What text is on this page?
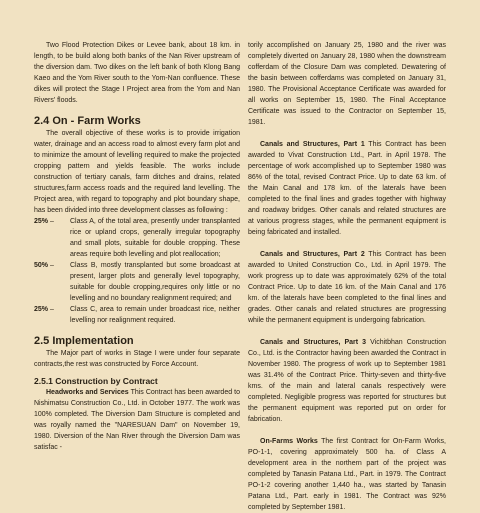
Two Flood Protection Dikes or Levee bank, about 18 km. in length, to be build along both banks of the Nan River upstream of the diversion dam. Two dikes on the left bank of both Klong Bang Kaeo and the Yom River south to the Yom-Nan confluence. These dikes will protect the Stage I Project area from the Yom and Nan Rivers' floods.

2.4 On - Farm Works

The overall objective of these works is to provide irrigation water, drainage and an access road to almost every farm plot and to minimize the amount of levelling required to make the projected cropping pattern and yields feasible. The works include construction of tertiary canals, farm ditches and drains, related structures,farm access roads and the required land levelling. The Project area, with regard to topography and plot boundary shape, has been divided into three development classes as following :

25% – Class A, of the total area, presently under transplanted rice or upland crops, generally irregular topography and small plots, suitable for double cropping. These areas require both levelling and plot reallocation;
50% – Class B, mostly transplanted but some broadcast at present, larger plots and generally level topography, suitable for double cropping,requires only little or no levelling and no boundary realignment required; and
25% – Class C, area to remain under broadcast rice, neither levelling nor realignment required.
2.5 Implementation

The Major part of works in Stage I were under four separate contracts,the rest was constructed by Force Account.

2.5.1 Construction by Contract

Headworks and Services This Contract has been awarded to Nishimatsu Construction Co., Ltd. in October 1977. The work was 100% completed. The Diversion Dam Structure is completed and was royally named the "NARESUAN Dam" on November 19, 1980. Diversion of the Nan River through the Diversion Dam was satisfac -

torily accomplished on January 25, 1980 and the river was completely diverted on January 28, 1980 when the downstream cofferdam of the Closure Dam was completed. Dewatering of the basin between cofferdams was completed on January 31, 1980. The Provisional Acceptance Certificate was awarded for all works on September 15, 1980. The Final Acceptance Certificate was issued to the Contractor on September 15, 1981.

Canals and Structures, Part 1 This Contract has been awarded to Vivat Construction Ltd., Part. in April 1978. The percentage of work accomplished up to September 1980 was 86% of the total, revised Contract Price. Up to date 63 km. of the Main Canal and 178 km. of the laterals have been completed to the final lines and grades together with highway and roadway bridges. Other canals and related structures are at various progress stages, while the permanent equipment is being fabricated and installed.

Canals and Structures, Part 2 This Contract has been awarded to United Construction Co., Ltd. in April 1979. The work progress up to date was approximately 62% of the total Contract Price. Up to date 16 km. of the Main Canal and 176 km. of the laterals have been completed to the final lines and grades. Other canals and related structures are progressing while the permanent equipment is undergoing fabrication.

Canals and Structures, Part 3 Vichitbhan Construction Co., Ltd. is the Contractor having been awarded the Contract in November 1980. The progress of work up to September 1981 was 31.4% of the Contract Price. Thirty-seven and thirty-five kms. of the main and lateral canals respectively were completed. Negligible progress was reported for structures but the permanent equipment was reported put on order for fabrication.

On-Farms Works The first Contract for On-Farm Works, PO-1-1, covering approximately 500 ha. of Class A development area in the northern part of the project was completed by Tanasin Patana Ltd., Part. in 1979. The Contract PO-1-2 covering another 1,440 ha., was started by Tanasin Patana Ltd., Part. early in 1981. The Contract was 92% completed by September 1981.
